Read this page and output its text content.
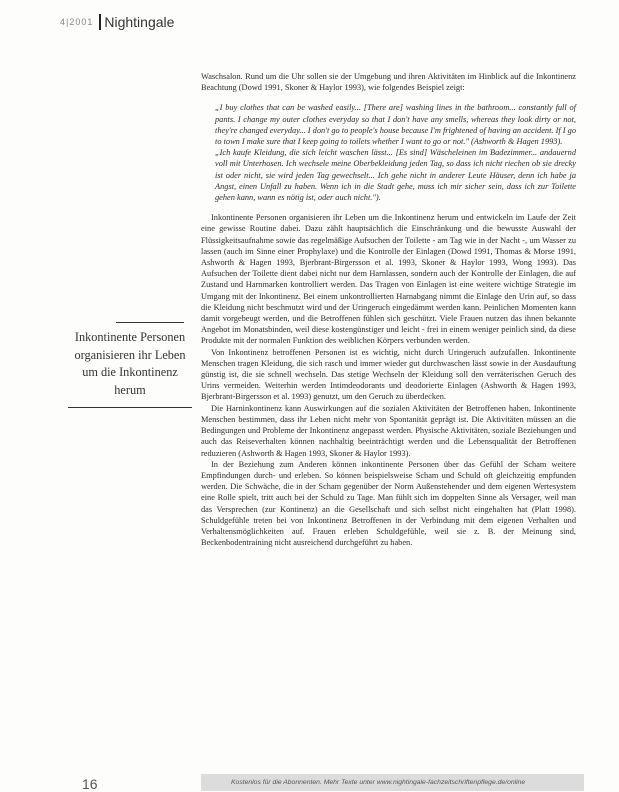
4|2001 Nightingale

Inkontinente Personen organisieren ihr Leben um die Inkontinenz herum

Waschsalon. Rund um die Uhr sollen sie der Umgebung und ihren Aktivitäten im Hinblick auf die Inkontinenz Beachtung (Dowd 1991, Skoner & Haylor 1993), wie folgendes Beispiel zeigt:

„I buy clothes that can be washed easily... [There are] washing lines in the bathroom... constantly full of pants. I change my outer clothes everyday so that I don't have any smells, whereas they look dirty or not, they're changed everyday... I don't go to people's house because I'm frightened of having an accident. If I go to town I make sure that I keep going to toilets whether I want to go or not." (Ashworth & Hagen 1993).

„Ich kaufe Kleidung, die sich leicht waschen lässt... [Es sind] Wäscheleinen im Badezimmer... andauernd voll mit Unterhosen. Ich wechsele meine Oberbekleidung jeden Tag, so dass ich nicht riechen ob sie drecky ist oder nicht, sie wird jeden Tag gewechselt... Ich gehe nicht in anderer Leute Häuser, denn ich habe ja Angst, einen Unfall zu haben. Wenn ich in die Stadt gehe, muss ich mir sicher sein, dass ich zur Toilette gehen kann, wann es nötig ist, oder auch nicht.").

Inkontinente Personen organisieren ihr Leben um die Inkontinenz herum und entwickeln im Laufe der Zeit eine gewisse Routine dabei. Dazu zählt hauptsächlich die Einschränkung und die bewusste Auswahl der Flüssigkeitsaufnahme sowie das regelmäßige Aufsuchen der Toilette - am Tag wie in der Nacht -, um Wasser zu lassen (auch im Sinne einer Prophylaxe) und die Kontrolle der Einlagen (Dowd 1991, Thomas & Morse 1991, Ashworth & Hagen 1993, Bjerbrant-Birgersson et al. 1993, Skoner & Haylor 1993, Wong 1993). Das Aufsuchen der Toilette dient dabei nicht nur dem Harnlassen, sondern auch der Kontrolle der Einlagen, die auf Zustand und Harnmarken kontrolliert werden. Das Tragen von Einlagen ist eine weitere wichtige Strategie im Umgang mit der Inkontinenz. Bei einem unkontrollierten Harnabgang nimmt die Einlage den Urin auf, so dass die Kleidung nicht beschmutzt wird und der Uringeruch eingedämmt werden kann. Peinlichen Momenten kann damit vorgebeugt werden, und die Betroffenen fühlen sich geschützt. Viele Frauen nutzen das ihnen bekannte Angebot im Monatsbinden, weil diese kostengünstiger und leicht - frei in einem weniger peinlich sind, da diese Produkte mit der normalen Funktion des weiblichen Körpers verbunden werden.

Von Inkontinenz betroffenen Personen ist es wichtig, nicht durch Uringeruch aufzufallen. Inkontinente Menschen tragen Kleidung, die sich rasch und immer wieder gut durchwaschen lässt sowie in der Ausdauftung günstig ist, die sie schnell wechseln. Das stetige Wechseln der Kleidung soll den verräterischen Geruch des Urins vermeiden. Weiterhin werden Intimdeodorants und deodorierte Einlagen (Ashworth & Hagen 1993, Bjerbrant-Birgersson et al. 1993) genutzt, um den Geruch zu überdecken.

Die Harninkontinenz kann Auswirkungen auf die sozialen Aktivitäten der Betroffenen haben. Inkontinente Menschen bestimmen, dass ihr Leben nicht mehr von Spontanität geprägt ist. Die Aktivitäten müssen an die Bedingungen und Probleme der Inkontinenz angepasst werden. Physische Aktivitäten, soziale Beziehungen und auch das Reiseverhalten können nachhaltig beeinträchtigt werden und die Lebensqualität der Betroffenen reduzieren (Ashworth & Hagen 1993, Skoner & Haylor 1993).

In der Beziehung zum Anderen können inkontinente Personen über das Gefühl der Scham weitere Empfindungen durch- und erleben. So können beispielsweise Scham und Schuld oft gleichzeitig empfunden werden. Die Schwäche, die in der Scham gegenüber der Norm Außenstehender und dem eigenen Wertesystem eine Rolle spielt, tritt auch bei der Schuld zu Tage. Man fühlt sich im doppelten Sinne als Versager, weil man das Versprechen (zur Kontinenz) an die Gesellschaft und sich selbst nicht eingehalten hat (Platt 1998). Schuldgefühle treten bei von Inkontinenz Betroffenen in der Verbindung mit dem eigenen Verhalten und Verhaltensmöglichkeiten auf. Frauen erleben Schuldgefühle, weil sie z. B. der Meinung sind, Beckenbodentraining nicht ausreichend durchgeführt zu haben.

16	Kostenlos für die Abonnenten. Mehr Texte unter www.nightingale-fachzeitschriftenpflege.de/online
